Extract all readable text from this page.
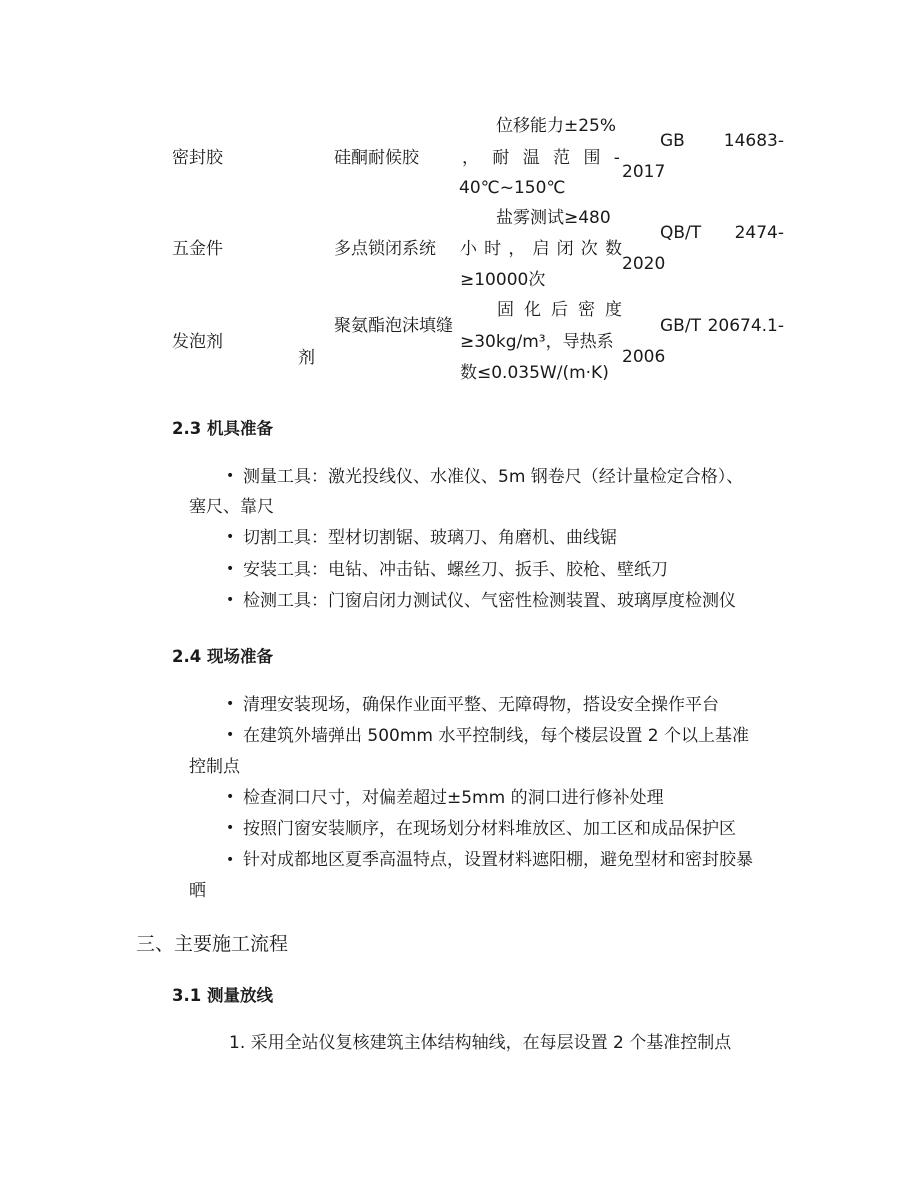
密封胶	硅酮耐候胶
位移能力±25%
， 耐 温 范 围 -
40℃~150℃
GB 14683-
2017
五金件	多点锁闭系统
盐雾测试≥480
小 时 ， 启 闭 次 数
≥10000次
QB/T 2474-
2020
发泡剂
聚氨酯泡沫填缝
剂
固 化 后 密 度
≥30kg/m³，导热系
数≤0.035W/(m·K)
GB/T 20674.1-
2006
2.3 机具准备
• 测量工具：激光投线仪、水准仪、5m 钢卷尺（经计量检定合格）、
塞尺、靠尺
• 切割工具：型材切割锯、玻璃刀、角磨机、曲线锯
• 安装工具：电钻、冲击钻、螺丝刀、扳手、胶枪、壁纸刀
• 检测工具：门窗启闭力测试仪、气密性检测装置、玻璃厚度检测仪
2.4 现场准备
• 清理安装现场，确保作业面平整、无障碍物，搭设安全操作平台
• 在建筑外墙弹出 500mm 水平控制线，每个楼层设置 2 个以上基准
控制点
• 检查洞口尺寸，对偏差超过±5mm 的洞口进行修补处理
• 按照门窗安装顺序，在现场划分材料堆放区、加工区和成品保护区
• 针对成都地区夏季高温特点，设置材料遮阳棚，避免型材和密封胶暴
晒
三、主要施工流程
3.1 测量放线
1. 采用全站仪复核建筑主体结构轴线，在每层设置 2 个基准控制点
